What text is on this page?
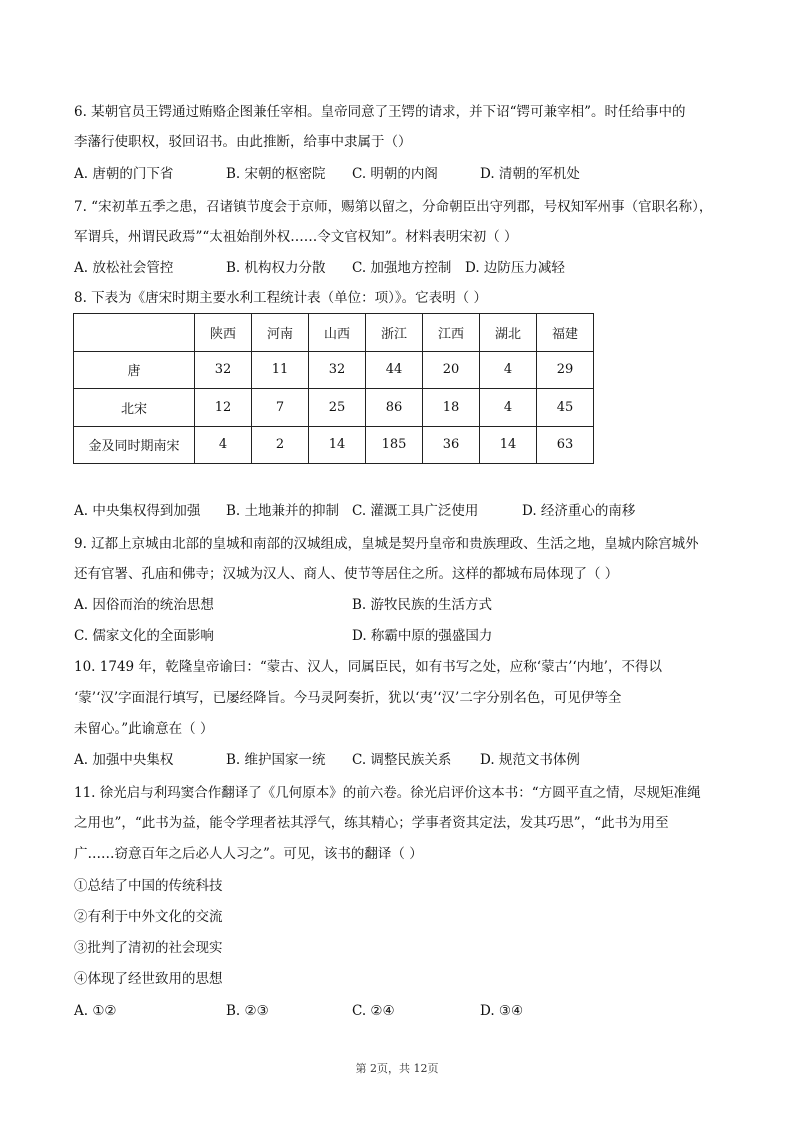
6. 某朝官员王锷通过贿赂企图兼任宰相。皇帝同意了王锷的请求，并下诏“锷可兼宰相”。时任给事中的
李藩行使职权，驳回诏书。由此推断，给事中隶属于（）
A. 唐朝的门下省	B. 宋朝的枢密院 C. 明朝的内阁	D. 清朝的军机处
7. “宋初革五季之患，召诸镇节度会于京师，赐第以留之，分命朝臣出守列郡，号权知军州事（官职名称），
军谓兵，州谓民政焉”“太祖始削外权……令文官权知”。材料表明宋初（ ）
A. 放松社会管控	B. 机构权力分散 C. 加强地方控制 D. 边防压力减轻
8. 下表为《唐宋时期主要水利工程统计表（单位：项）》。它表明（ ）
	陕西	河南	山西	浙江	江西	湖北	福建
唐	32	11	32	44	20	4	29
北宋	12	7	25	86	18	4	45
金及同时期南宋	4	2	14	185	36	14	63
A. 中央集权得到加强 B. 土地兼并的抑制 C. 灌溉工具广泛使用	D. 经济重心的南移
9. 辽都上京城由北部的皇城和南部的汉城组成，皇城是契丹皇帝和贵族理政、生活之地，皇城内除宫城外
还有官署、孔庙和佛寺；汉城为汉人、商人、使节等居住之所。这样的都城布局体现了（ ）
A. 因俗而治的统治思想	B. 游牧民族的生活方式
C. 儒家文化的全面影响	D. 称霸中原的强盛国力
10. 1749 年，乾隆皇帝谕曰：“蒙古、汉人，同属臣民，如有书写之处，应称‘蒙古’‘内地’，不得以
‘蒙’‘汉’字面混行填写，已屡经降旨。今马灵阿奏折，犹以‘夷’‘汉’二字分别名色，可见伊等全
未留心。”此谕意在（ ）
A. 加强中央集权	B. 维护国家一统 C. 调整民族关系 D. 规范文书体例
11. 徐光启与利玛窦合作翻译了《几何原本》的前六卷。徐光启评价这本书：“方圆平直之情，尽规矩准绳
之用也”，“此书为益，能令学理者祛其浮气，练其精心；学事者资其定法，发其巧思”，“此书为用至
广……窃意百年之后必人人习之”。可见，该书的翻译（ ）
①总结了中国的传统科技
②有利于中外文化的交流
③批判了清初的社会现实
④体现了经世致用的思想
A. ①②	B. ②③	C. ②④	D. ③④
第 2页，共 12页
